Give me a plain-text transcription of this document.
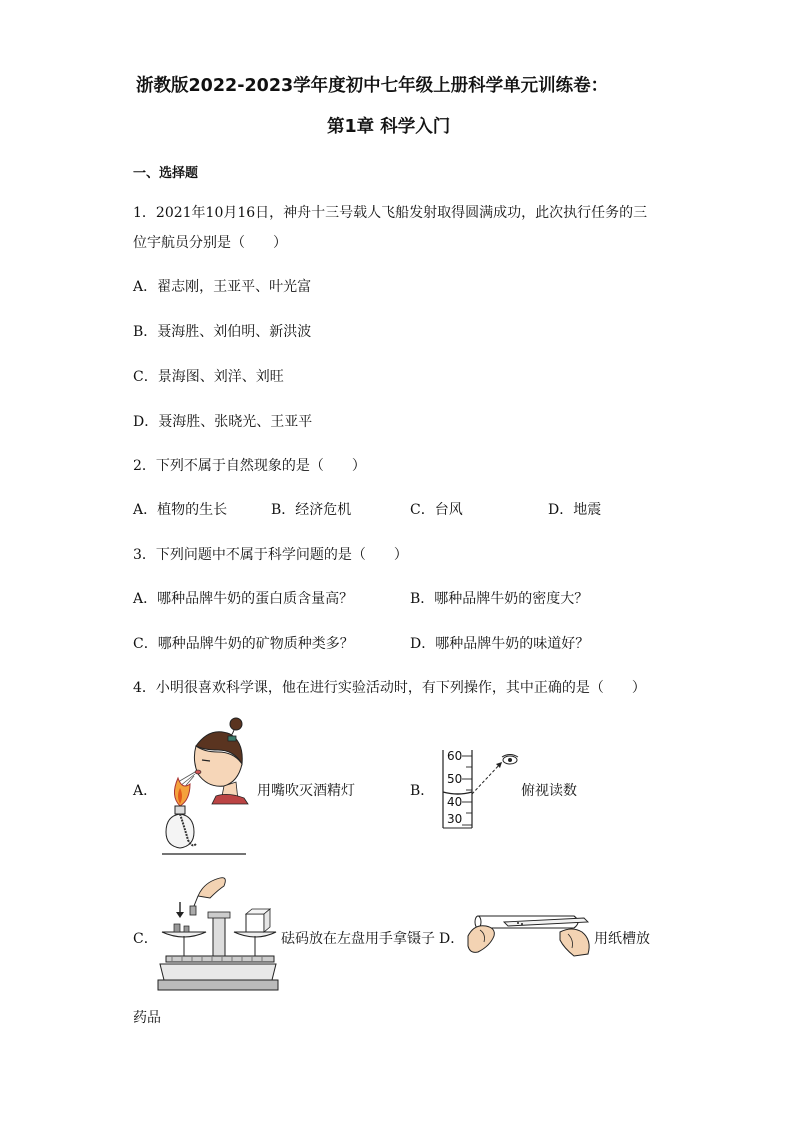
浙教版2022-2023学年度初中七年级上册科学单元训练卷：
第1章 科学入门
一、选择题
1．2021年10月16日，神舟十三号载人飞船发射取得圆满成功，此次执行任务的三
位宇航员分别是（　　）
A．翟志刚，王亚平、叶光富
B．聂海胜、刘伯明、新洪波
C．景海图、刘洋、刘旺
D．聂海胜、张晓光、王亚平
2．下列不属于自然现象的是（　　）
A．植物的生长	B．经济危机	C．台风	D．地震
3．下列问题中不属于科学问题的是（　　）
A．哪种品牌牛奶的蛋白质含量高？	B．哪种品牌牛奶的密度大？
C．哪种品牌牛奶的矿物质种类多？	D．哪种品牌牛奶的味道好？
4．小明很喜欢科学课，他在进行实验活动时，有下列操作，其中正确的是（　　）
A．	用嘴吹灭酒精灯	B．
60
50
40
30
俯视读数
C．	砝码放在左盘用手拿镊子 D．	用纸槽放
药品
